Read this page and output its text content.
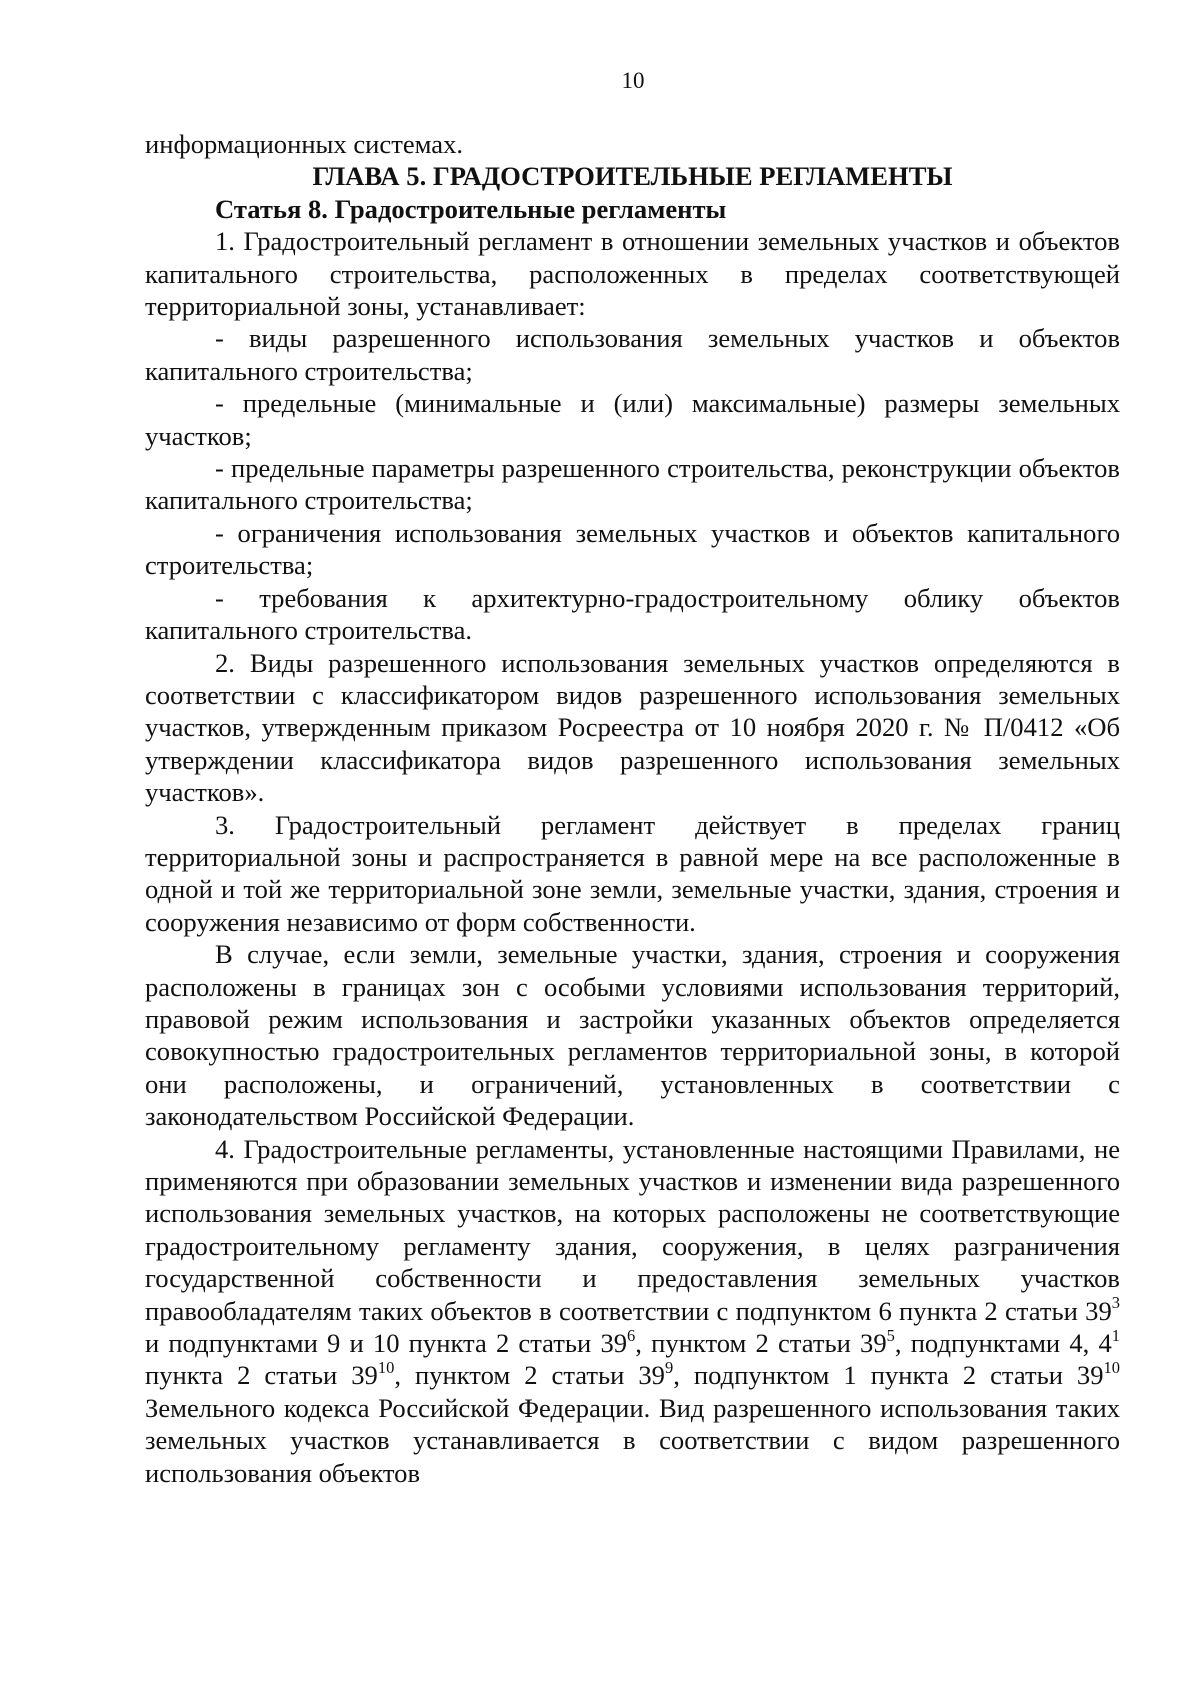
10

информационных системах.

ГЛАВА 5. ГРАДОСТРОИТЕЛЬНЫЕ РЕГЛАМЕНТЫ

Статья 8. Градостроительные регламенты

1. Градостроительный регламент в отношении земельных участков и объектов капитального строительства, расположенных в пределах соответствующей территориальной зоны, устанавливает:

- виды разрешенного использования земельных участков и объектов капитального строительства;

- предельные (минимальные и (или) максимальные) размеры земельных участков;

- предельные параметры разрешенного строительства, реконструкции объектов капитального строительства;

- ограничения использования земельных участков и объектов капитального строительства;

- требования к архитектурно-градостроительному облику объектов капитального строительства.

2. Виды разрешенного использования земельных участков определяются в соответствии с классификатором видов разрешенного использования земельных участков, утвержденным приказом Росреестра от 10 ноября 2020 г. № П/0412 «Об утверждении классификатора видов разрешенного использования земельных участков».

3. Градостроительный регламент действует в пределах границ территориальной зоны и распространяется в равной мере на все расположенные в одной и той же территориальной зоне земли, земельные участки, здания, строения и сооружения независимо от форм собственности.

В случае, если земли, земельные участки, здания, строения и сооружения расположены в границах зон с особыми условиями использования территорий, правовой режим использования и застройки указанных объектов определяется совокупностью градостроительных регламентов территориальной зоны, в которой они расположены, и ограничений, установленных в соответствии с законодательством Российской Федерации.

4. Градостроительные регламенты, установленные настоящими Правилами, не применяются при образовании земельных участков и изменении вида разрешенного использования земельных участков, на которых расположены не соответствующие градостроительному регламенту здания, сооружения, в целях разграничения государственной собственности и предоставления земельных участков правообладателям таких объектов в соответствии с подпунктом 6 пункта 2 статьи $39^3$ и подпунктами 9 и 10 пункта 2 статьи $39^6$, пунктом 2 статьи $39^5$, подпунктами 4, $4^1$ пункта 2 статьи $39^{10}$, пунктом 2 статьи $39^9$, подпунктом 1 пункта 2 статьи $39^{10}$ Земельного кодекса Российской Федерации. Вид разрешенного использования таких земельных участков устанавливается в соответствии с видом разрешенного использования объектов
